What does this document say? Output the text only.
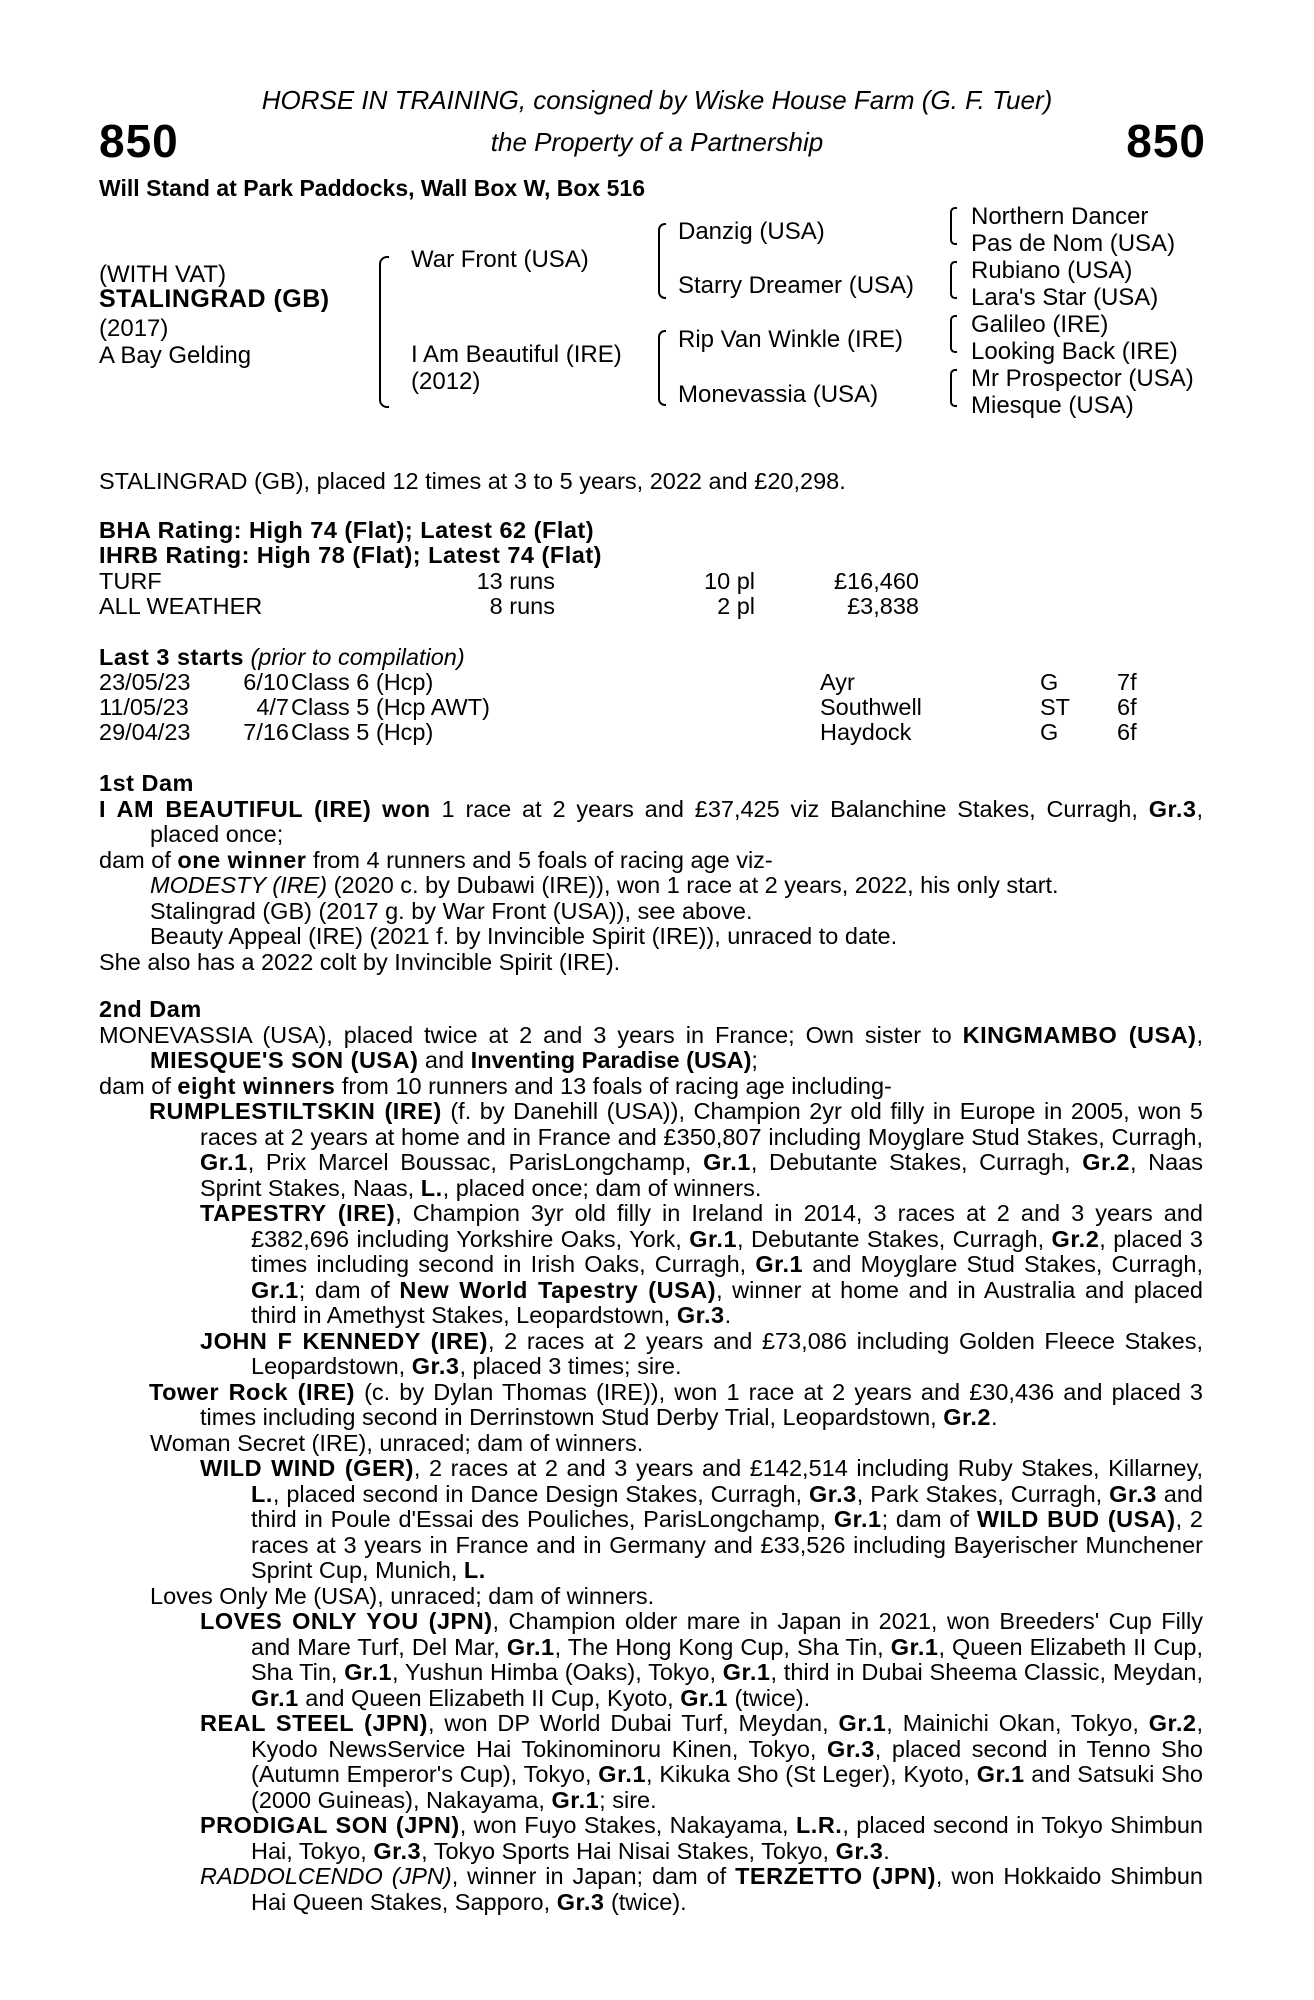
850	850
HORSE IN TRAINING, consigned by Wiske House Farm (G. F. Tuer)
the Property of a Partnership
Will Stand at Park Paddocks, Wall Box W, Box 516
(WITH VAT)
STALINGRAD (GB)
(2017)
A Bay Gelding
War Front (USA)
I Am Beautiful (IRE)
(2012)
Danzig (USA)
Starry Dreamer (USA)
Rip Van Winkle (IRE)
Monevassia (USA)
Northern Dancer
Pas de Nom (USA)
Rubiano (USA)
Lara's Star (USA)
Galileo (IRE)
Looking Back (IRE)
Mr Prospector (USA)
Miesque (USA)
STALINGRAD (GB), placed 12 times at 3 to 5 years, 2022 and £20,298.
BHA Rating: High 74 (Flat); Latest 62 (Flat)
IHRB Rating: High 78 (Flat); Latest 74 (Flat)
TURF	13 runs	10 pl	£16,460
ALL WEATHER	8 runs	2 pl	£3,838
Last 3 starts (prior to compilation)
23/05/23	6/10 Class 6 (Hcp)	Ayr	G 7f
11/05/23	4/7 Class 5 (Hcp AWT)	Southwell	ST 6f
29/04/23	7/16 Class 5 (Hcp)	Haydock	G 6f
1st Dam
I AM BEAUTIFUL (IRE) won 1 race at 2 years and £37,425 viz Balanchine Stakes, Curragh, Gr.3, placed once;
dam of one winner from 4 runners and 5 foals of racing age viz-
MODESTY (IRE) (2020 c. by Dubawi (IRE)), won 1 race at 2 years, 2022, his only start.
Stalingrad (GB) (2017 g. by War Front (USA)), see above.
Beauty Appeal (IRE) (2021 f. by Invincible Spirit (IRE)), unraced to date.
She also has a 2022 colt by Invincible Spirit (IRE).
2nd Dam
MONEVASSIA (USA), placed twice at 2 and 3 years in France; Own sister to KINGMAMBO (USA), MIESQUE'S SON (USA) and Inventing Paradise (USA);
dam of eight winners from 10 runners and 13 foals of racing age including-
RUMPLESTILTSKIN (IRE) (f. by Danehill (USA)), Champion 2yr old filly in Europe in 2005, won 5 races at 2 years at home and in France and £350,807 including Moyglare Stud Stakes, Curragh, Gr.1, Prix Marcel Boussac, ParisLongchamp, Gr.1, Debutante Stakes, Curragh, Gr.2, Naas Sprint Stakes, Naas, L., placed once; dam of winners.
TAPESTRY (IRE), Champion 3yr old filly in Ireland in 2014, 3 races at 2 and 3 years and £382,696 including Yorkshire Oaks, York, Gr.1, Debutante Stakes, Curragh, Gr.2, placed 3 times including second in Irish Oaks, Curragh, Gr.1 and Moyglare Stud Stakes, Curragh, Gr.1; dam of New World Tapestry (USA), winner at home and in Australia and placed third in Amethyst Stakes, Leopardstown, Gr.3.
JOHN F KENNEDY (IRE), 2 races at 2 years and £73,086 including Golden Fleece Stakes, Leopardstown, Gr.3, placed 3 times; sire.
Tower Rock (IRE) (c. by Dylan Thomas (IRE)), won 1 race at 2 years and £30,436 and placed 3 times including second in Derrinstown Stud Derby Trial, Leopardstown, Gr.2.
Woman Secret (IRE), unraced; dam of winners.
WILD WIND (GER), 2 races at 2 and 3 years and £142,514 including Ruby Stakes, Killarney, L., placed second in Dance Design Stakes, Curragh, Gr.3, Park Stakes, Curragh, Gr.3 and third in Poule d'Essai des Pouliches, ParisLongchamp, Gr.1; dam of WILD BUD (USA), 2 races at 3 years in France and in Germany and £33,526 including Bayerischer Munchener Sprint Cup, Munich, L.
Loves Only Me (USA), unraced; dam of winners.
LOVES ONLY YOU (JPN), Champion older mare in Japan in 2021, won Breeders' Cup Filly and Mare Turf, Del Mar, Gr.1, The Hong Kong Cup, Sha Tin, Gr.1, Queen Elizabeth II Cup, Sha Tin, Gr.1, Yushun Himba (Oaks), Tokyo, Gr.1, third in Dubai Sheema Classic, Meydan, Gr.1 and Queen Elizabeth II Cup, Kyoto, Gr.1 (twice).
REAL STEEL (JPN), won DP World Dubai Turf, Meydan, Gr.1, Mainichi Okan, Tokyo, Gr.2, Kyodo NewsService Hai Tokinominoru Kinen, Tokyo, Gr.3, placed second in Tenno Sho (Autumn Emperor's Cup), Tokyo, Gr.1, Kikuka Sho (St Leger), Kyoto, Gr.1 and Satsuki Sho (2000 Guineas), Nakayama, Gr.1; sire.
PRODIGAL SON (JPN), won Fuyo Stakes, Nakayama, L.R., placed second in Tokyo Shimbun Hai, Tokyo, Gr.3, Tokyo Sports Hai Nisai Stakes, Tokyo, Gr.3.
RADDOLCENDO (JPN), winner in Japan; dam of TERZETTO (JPN), won Hokkaido Shimbun Hai Queen Stakes, Sapporo, Gr.3 (twice).
